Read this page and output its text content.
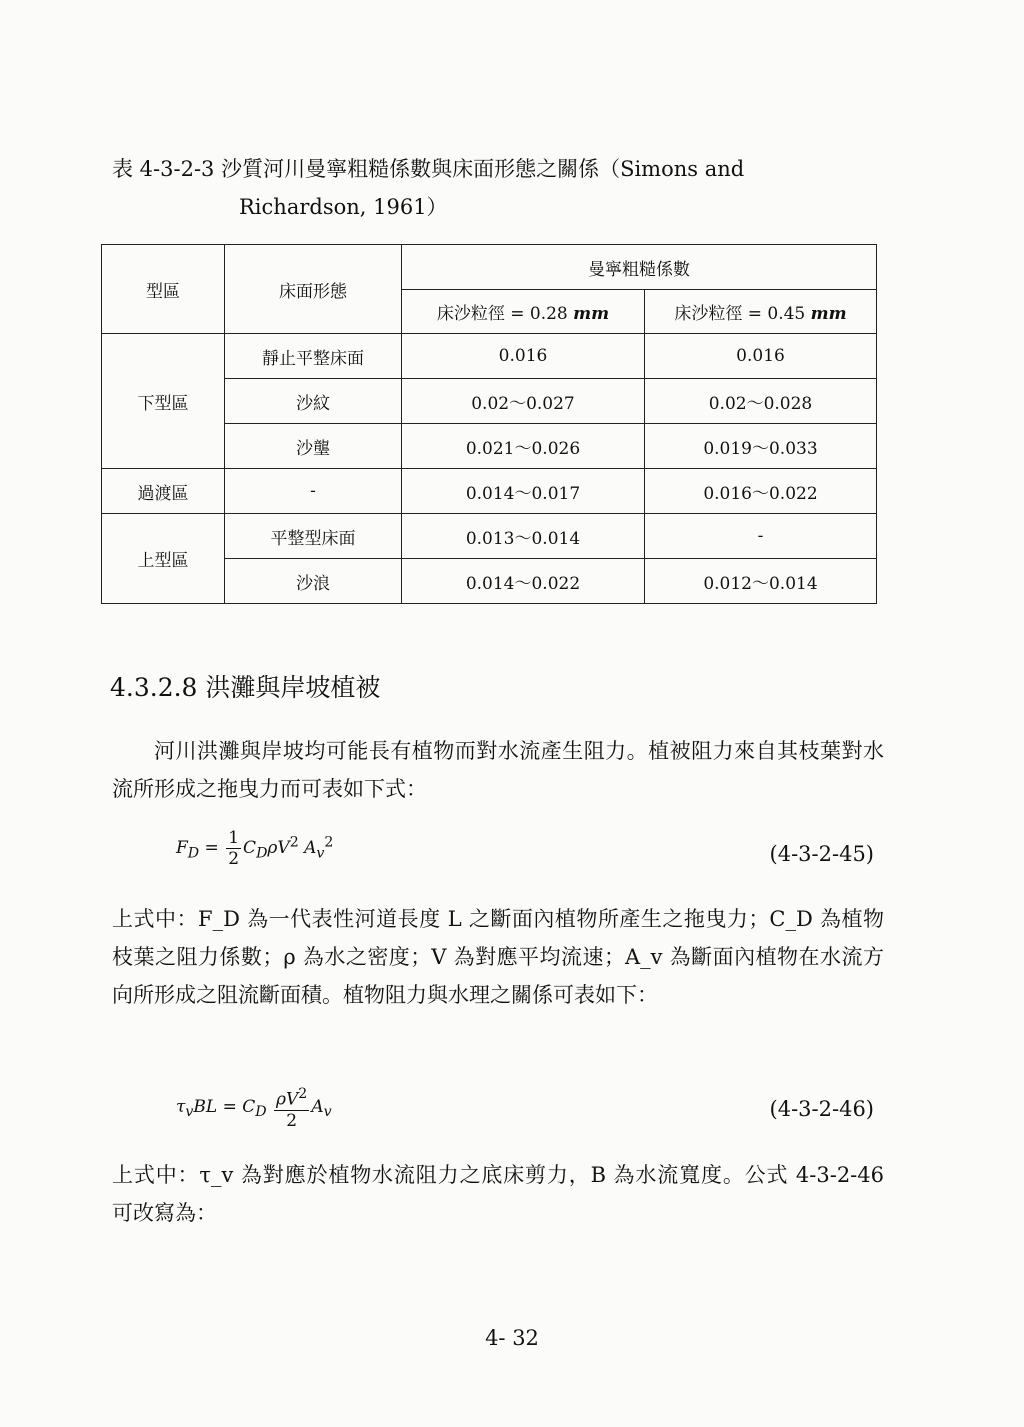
表 4-3-2-3 沙質河川曼寧粗糙係數與床面形態之關係（Simons and
Richardson, 1961）
型區	床面形態	曼寧粗糙係數	
		床沙粒徑 = 0.28 mm	床沙粒徑 = 0.45 mm
下型區	靜止平整床面	0.016	0.016
	沙紋	0.02～0.027	0.02～0.028
	沙壟	0.021～0.026	0.019～0.033
過渡區	-	0.014～0.017	0.016～0.022
上型區	平整型床面	0.013～0.014	-
	沙浪	0.014～0.022	0.012～0.014
4.3.2.8 洪灘與岸坡植被
河川洪灘與岸坡均可能長有植物而對水流產生阻力。植被阻力來自其枝葉對水流所形成之拖曳力而可表如下式：
$F_D = \frac{1}{2} C_D\rho V^2$ $A_v^2$	(4-3-2-45)
上式中：F_D 為一代表性河道長度 L 之斷面內植物所產生之拖曳力；C_D 為植物枝葉之阻力係數；ρ 為水之密度；V 為對應平均流速；A_v 為斷面內植物在水流方向所形成之阻流斷面積。植物阻力與水理之關係可表如下：
$\tau_vBL = C_D \frac{\rho V^2}{2} A_v$	(4-3-2-46)
上式中：τ_v 為對應於植物水流阻力之底床剪力，B 為水流寬度。公式 4-3-2-46 可改寫為：
4- 32
